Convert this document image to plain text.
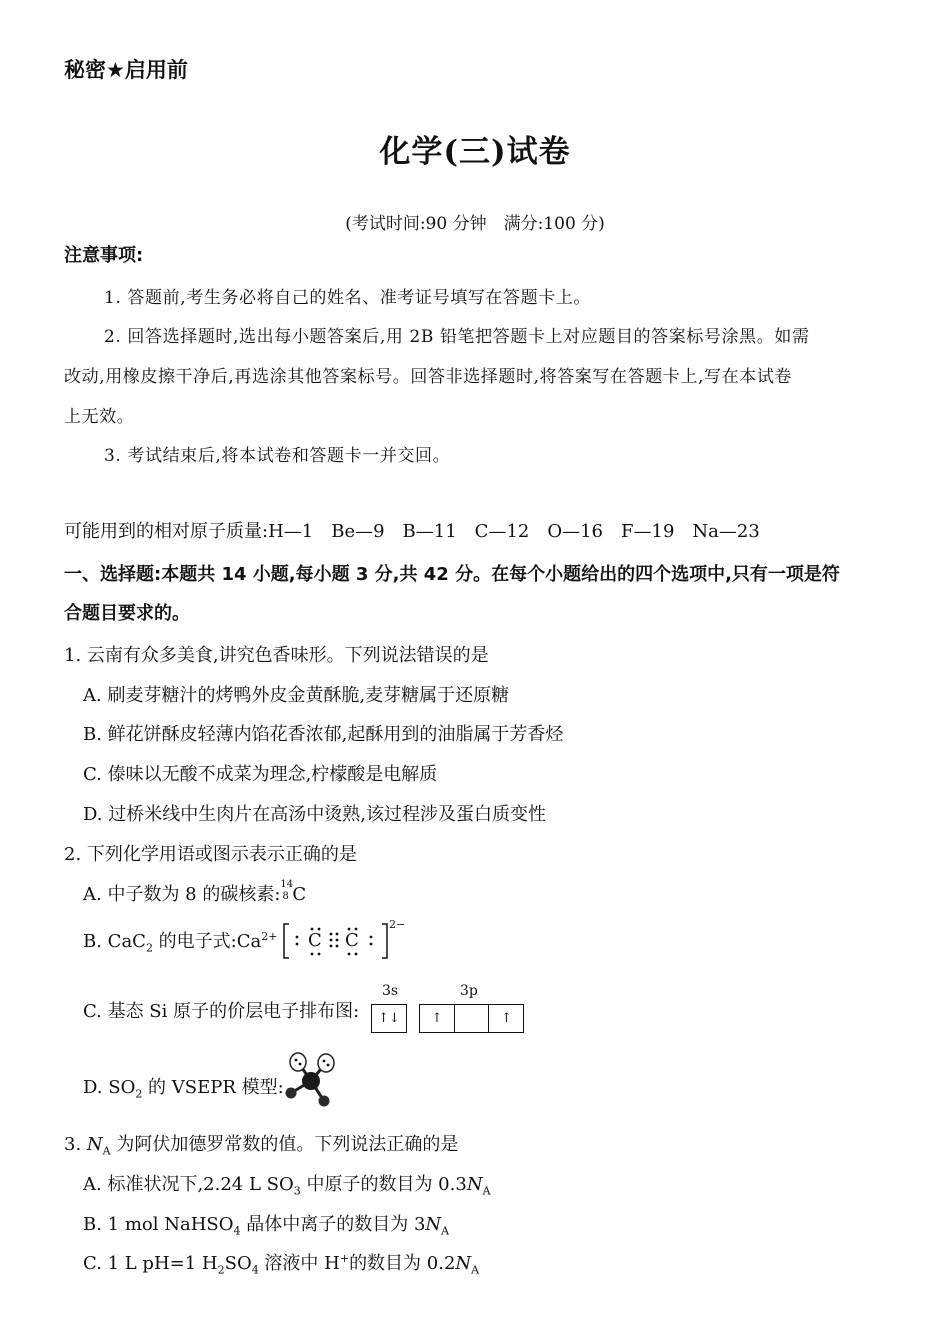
秘密★启用前
化学(三)试卷
(考试时间:90 分钟　满分:100 分)
注意事项:
1. 答题前,考生务必将自己的姓名、准考证号填写在答题卡上。
2. 回答选择题时,选出每小题答案后,用 2B 铅笔把答题卡上对应题目的答案标号涂黑。如需
改动,用橡皮擦干净后,再选涂其他答案标号。回答非选择题时,将答案写在答题卡上,写在本试卷
上无效。
3. 考试结束后,将本试卷和答题卡一并交回。
可能用到的相对原子质量:H—1　Be—9　B—11　C—12　O—16　F—19　Na—23
一、选择题:本题共 14 小题,每小题 3 分,共 42 分。在每个小题给出的四个选项中,只有一项是符
合题目要求的。
1. 云南有众多美食,讲究色香味形。下列说法错误的是
A. 刷麦芽糖汁的烤鸭外皮金黄酥脆,麦芽糖属于还原糖
B. 鲜花饼酥皮轻薄内馅花香浓郁,起酥用到的油脂属于芳香烃
C. 傣味以无酸不成菜为理念,柠檬酸是电解质
D. 过桥米线中生肉片在高汤中烫熟,该过程涉及蛋白质变性
2. 下列化学用语或图示表示正确的是
A. 中子数为 8 的碳核素: 14
8 C
B. CaC$_2$ 的电子式$:Ca^{2+}$ C C
2−
C. 基态 Si 原子的价层电子排布图:
3s	3p
↑↓	↑	↑
D. $SO_2$ 的 VSEPR 模型:
3. $N_A$ 为阿伏加德罗常数的值。下列说法正确的是
A. 标准状况下,2.24 L $SO_3$ 中原子的数目为 $0.3N_A$
B. 1 mol NaHSO$_4$ 晶体中离子的数目为 $3N_A$
C. 1 L pH=1 $H_2SO_4$ 溶液中 H+的数目为 $0.2N_A$
